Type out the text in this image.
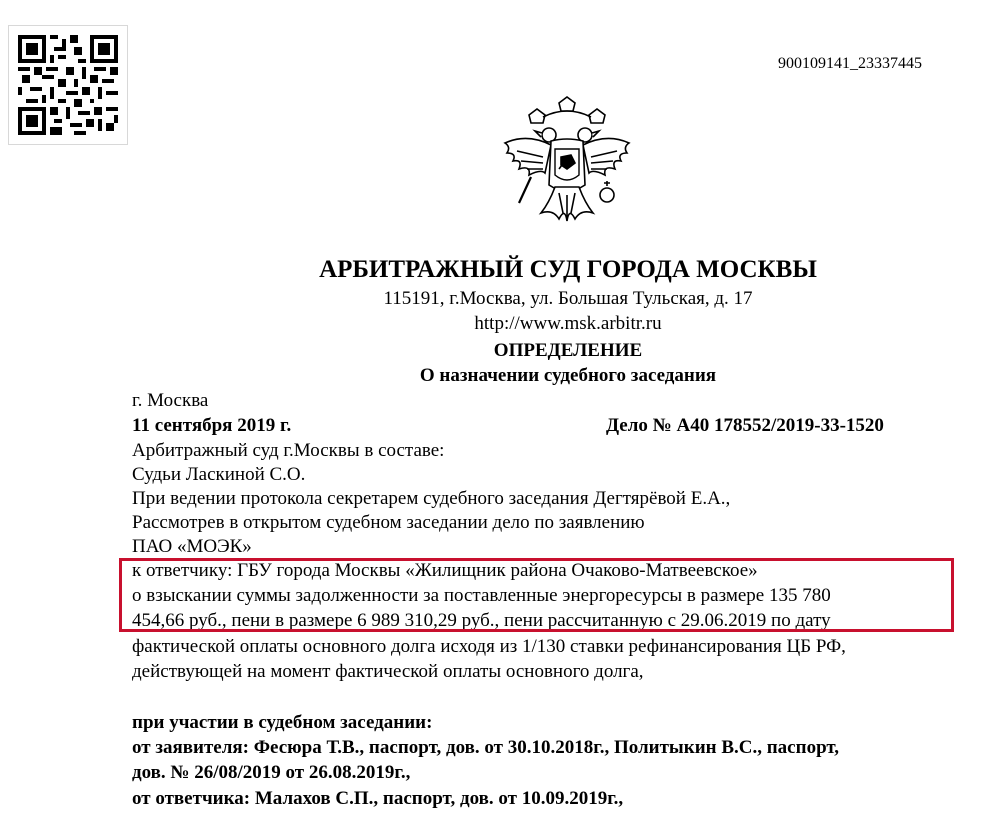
900109141_23337445
АРБИТРАЖНЫЙ СУД ГОРОДА МОСКВЫ
115191, г.Москва, ул. Большая Тульская, д. 17
http://www.msk.arbitr.ru
ОПРЕДЕЛЕНИЕ
О назначении судебного заседания
г. Москва
11 сентября 2019 г.	Дело № А40 178552/2019-33-1520
Арбитражный суд г.Москвы в составе:
Судьи Ласкиной С.О.
При ведении протокола секретарем судебного заседания Дегтярёвой Е.А.,
Рассмотрев в открытом судебном заседании дело по заявлению
ПАО «МОЭК»
к ответчику: ГБУ города Москвы «Жилищник района Очаково-Матвеевское»
о взыскании суммы задолженности за поставленные энергоресурсы в размере 135 780
454,66 руб., пени в размере 6 989 310,29 руб., пени рассчитанную с 29.06.2019 по дату
фактической оплаты основного долга исходя из 1/130 ставки рефинансирования ЦБ РФ,
действующей на момент фактической оплаты основного долга,
при участии в судебном заседании:
от заявителя: Фесюра Т.В., паспорт, дов. от 30.10.2018г., Политыкин В.С., паспорт,
дов. № 26/08/2019 от 26.08.2019г.,
от ответчика: Малахов С.П., паспорт, дов. от 10.09.2019г.,
